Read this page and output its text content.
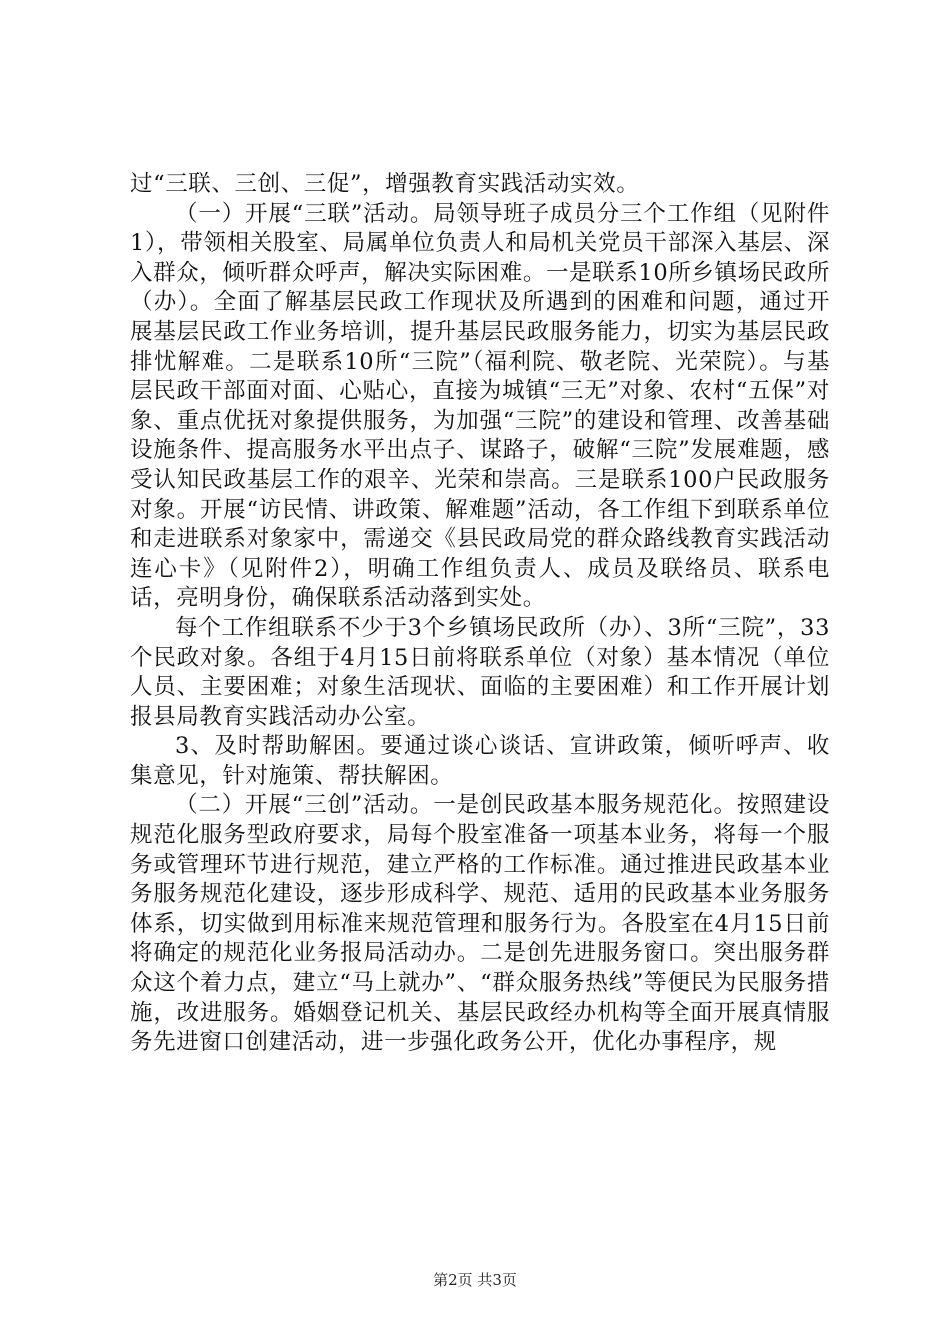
过“三联、三创、三促”，增强教育实践活动实效。

（一）开展“三联”活动。局领导班子成员分三个工作组（见附件1），带领相关股室、局属单位负责人和局机关党员干部深入基层、深入群众，倾听群众呼声，解决实际困难。一是联系10所乡镇场民政所（办）。全面了解基层民政工作现状及所遇到的困难和问题，通过开展基层民政工作业务培训，提升基层民政服务能力，切实为基层民政排忧解难。二是联系10所“三院”（福利院、敬老院、光荣院）。与基层民政干部面对面、心贴心，直接为城镇“三无”对象、农村“五保”对象、重点优抚对象提供服务，为加强“三院”的建设和管理、改善基础设施条件、提高服务水平出点子、谋路子，破解“三院”发展难题，感受认知民政基层工作的艰辛、光荣和崇高。三是联系100户民政服务对象。开展“访民情、讲政策、解难题”活动，各工作组下到联系单位和走进联系对象家中，需递交《县民政局党的群众路线教育实践活动连心卡》（见附件2），明确工作组负责人、成员及联络员、联系电话，亮明身份，确保联系活动落到实处。

每个工作组联系不少于3个乡镇场民政所（办）、3所“三院”，33个民政对象。各组于4月15日前将联系单位（对象）基本情况（单位人员、主要困难；对象生活现状、面临的主要困难）和工作开展计划报县局教育实践活动办公室。

3、及时帮助解困。要通过谈心谈话、宣讲政策，倾听呼声、收集意见，针对施策、帮扶解困。

（二）开展“三创”活动。一是创民政基本服务规范化。按照建设规范化服务型政府要求，局每个股室准备一项基本业务，将每一个服务或管理环节进行规范，建立严格的工作标准。通过推进民政基本业务服务规范化建设，逐步形成科学、规范、适用的民政基本业务服务体系，切实做到用标准来规范管理和服务行为。各股室在4月15日前将确定的规范化业务报局活动办。二是创先进服务窗口。突出服务群众这个着力点，建立“马上就办”、“群众服务热线”等便民为民服务措施，改进服务。婚姻登记机关、基层民政经办机构等全面开展真情服务先进窗口创建活动，进一步强化政务公开，优化办事程序，规

第2页 共3页
